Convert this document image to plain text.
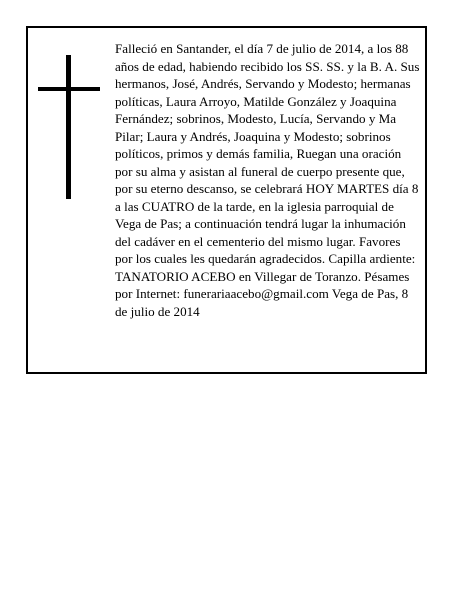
Falleció en Santander, el día 7 de julio de 2014, a los 88 años de edad, habiendo recibido los SS. SS. y la B. A. Sus hermanos, José, Andrés, Servando y Modesto; hermanas políticas, Laura Arroyo, Matilde González y Joaquina Fernández; sobrinos, Modesto, Lucía, Servando y Ma Pilar; Laura y Andrés, Joaquina y Modesto; sobrinos políticos, primos y demás familia, Ruegan una oración por su alma y asistan al funeral de cuerpo presente que, por su eterno descanso, se celebrará HOY MARTES día 8 a las CUATRO de la tarde, en la iglesia parroquial de Vega de Pas; a continuación tendrá lugar la inhumación del cadáver en el cementerio del mismo lugar. Favores por los cuales les quedarán agradecidos. Capilla ardiente: TANATORIO ACEBO en Villegar de Toranzo. Pésames por Internet: funerariaacebo@gmail.com Vega de Pas, 8 de julio de 2014
